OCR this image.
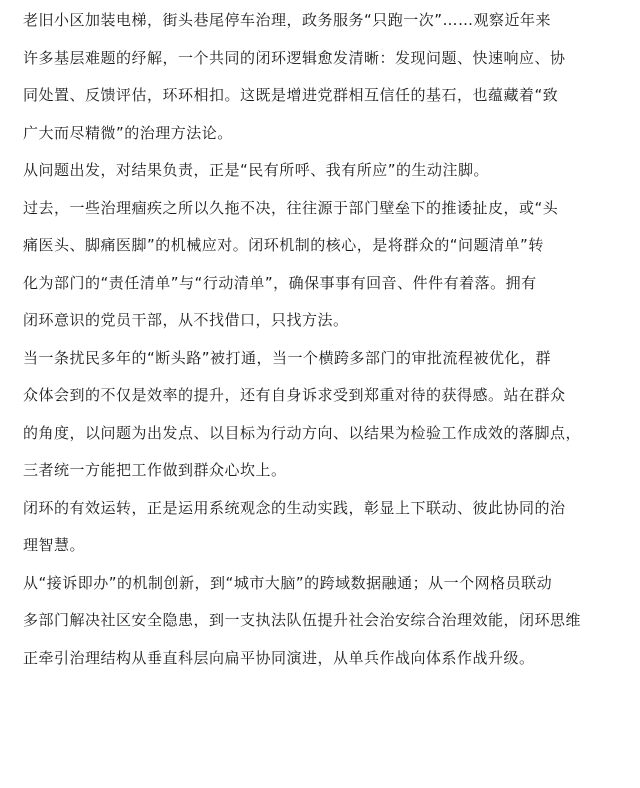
老旧小区加装电梯，街头巷尾停车治理，政务服务“只跑一次”……观察近年来
许多基层难题的纾解，一个共同的闭环逻辑愈发清晰：发现问题、快速响应、协
同处置、反馈评估，环环相扣。这既是增进党群相互信任的基石，也蕴藏着“致
广大而尽精微”的治理方法论。

从问题出发，对结果负责，正是“民有所呼、我有所应”的生动注脚。

过去，一些治理痼疾之所以久拖不决，往往源于部门壁垒下的推诿扯皮，或“头
痛医头、脚痛医脚”的机械应对。闭环机制的核心，是将群众的“问题清单”转
化为部门的“责任清单”与“行动清单”，确保事事有回音、件件有着落。拥有
闭环意识的党员干部，从不找借口，只找方法。

当一条扰民多年的“断头路”被打通，当一个横跨多部门的审批流程被优化，群
众体会到的不仅是效率的提升，还有自身诉求受到郑重对待的获得感。站在群众
的角度，以问题为出发点、以目标为行动方向、以结果为检验工作成效的落脚点，
三者统一方能把工作做到群众心坎上。

闭环的有效运转，正是运用系统观念的生动实践，彰显上下联动、彼此协同的治
理智慧。

从“接诉即办”的机制创新，到“城市大脑”的跨域数据融通；从一个网格员联动
多部门解决社区安全隐患，到一支执法队伍提升社会治安综合治理效能，闭环思维
正牵引治理结构从垂直科层向扁平协同演进，从单兵作战向体系作战升级。
